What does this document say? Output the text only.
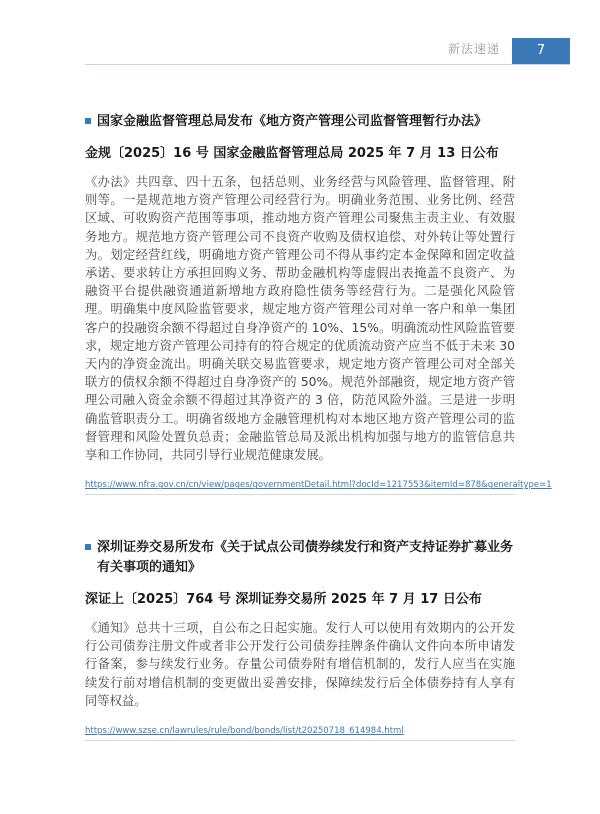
新法速递	7
国家金融监督管理总局发布《地方资产管理公司监督管理暂行办法》
金规〔2025〕16 号 国家金融监督管理总局 2025 年 7 月 13 日公布
《办法》共四章、四十五条，包括总则、业务经营与风险管理、监督管理、附则等。一是规范地方资产管理公司经营行为。明确业务范围、业务比例、经营区域、可收购资产范围等事项，推动地方资产管理公司聚焦主责主业、有效服务地方。规范地方资产管理公司不良资产收购及债权追偿、对外转让等处置行为。划定经营红线，明确地方资产管理公司不得从事约定本金保障和固定收益承诺、要求转让方承担回购义务、帮助金融机构等虚假出表掩盖不良资产、为融资平台提供融资通道新增地方政府隐性债务等经营行为。二是强化风险管理。明确集中度风险监管要求，规定地方资产管理公司对单一客户和单一集团客户的投融资余额不得超过自身净资产的 10%、15%。明确流动性风险监管要求，规定地方资产管理公司持有的符合规定的优质流动资产应当不低于未来 30 天内的净资金流出。明确关联交易监管要求，规定地方资产管理公司对全部关联方的债权余额不得超过自身净资产的 50%。规范外部融资，规定地方资产管理公司融入资金余额不得超过其净资产的 3 倍，防范风险外溢。三是进一步明确监管职责分工。明确省级地方金融管理机构对本地区地方资产管理公司的监督管理和风险处置负总责；金融监管总局及派出机构加强与地方的监管信息共享和工作协同，共同引导行业规范健康发展。
https://www.nfra.gov.cn/cn/view/pages/governmentDetail.html?docId=1217553&itemId=878&generaltype=1
深圳证券交易所发布《关于试点公司债券续发行和资产支持证券扩募业务有关事项的通知》
深证上〔2025〕764 号 深圳证券交易所 2025 年 7 月 17 日公布
《通知》总共十三项，自公布之日起实施。发行人可以使用有效期内的公开发行公司债券注册文件或者非公开发行公司债券挂牌条件确认文件向本所申请发行备案，参与续发行业务。存量公司债券附有增信机制的，发行人应当在实施续发行前对增信机制的变更做出妥善安排，保障续发行后全体债券持有人享有同等权益。
https://www.szse.cn/lawrules/rule/bond/bonds/list/t20250718_614984.html
